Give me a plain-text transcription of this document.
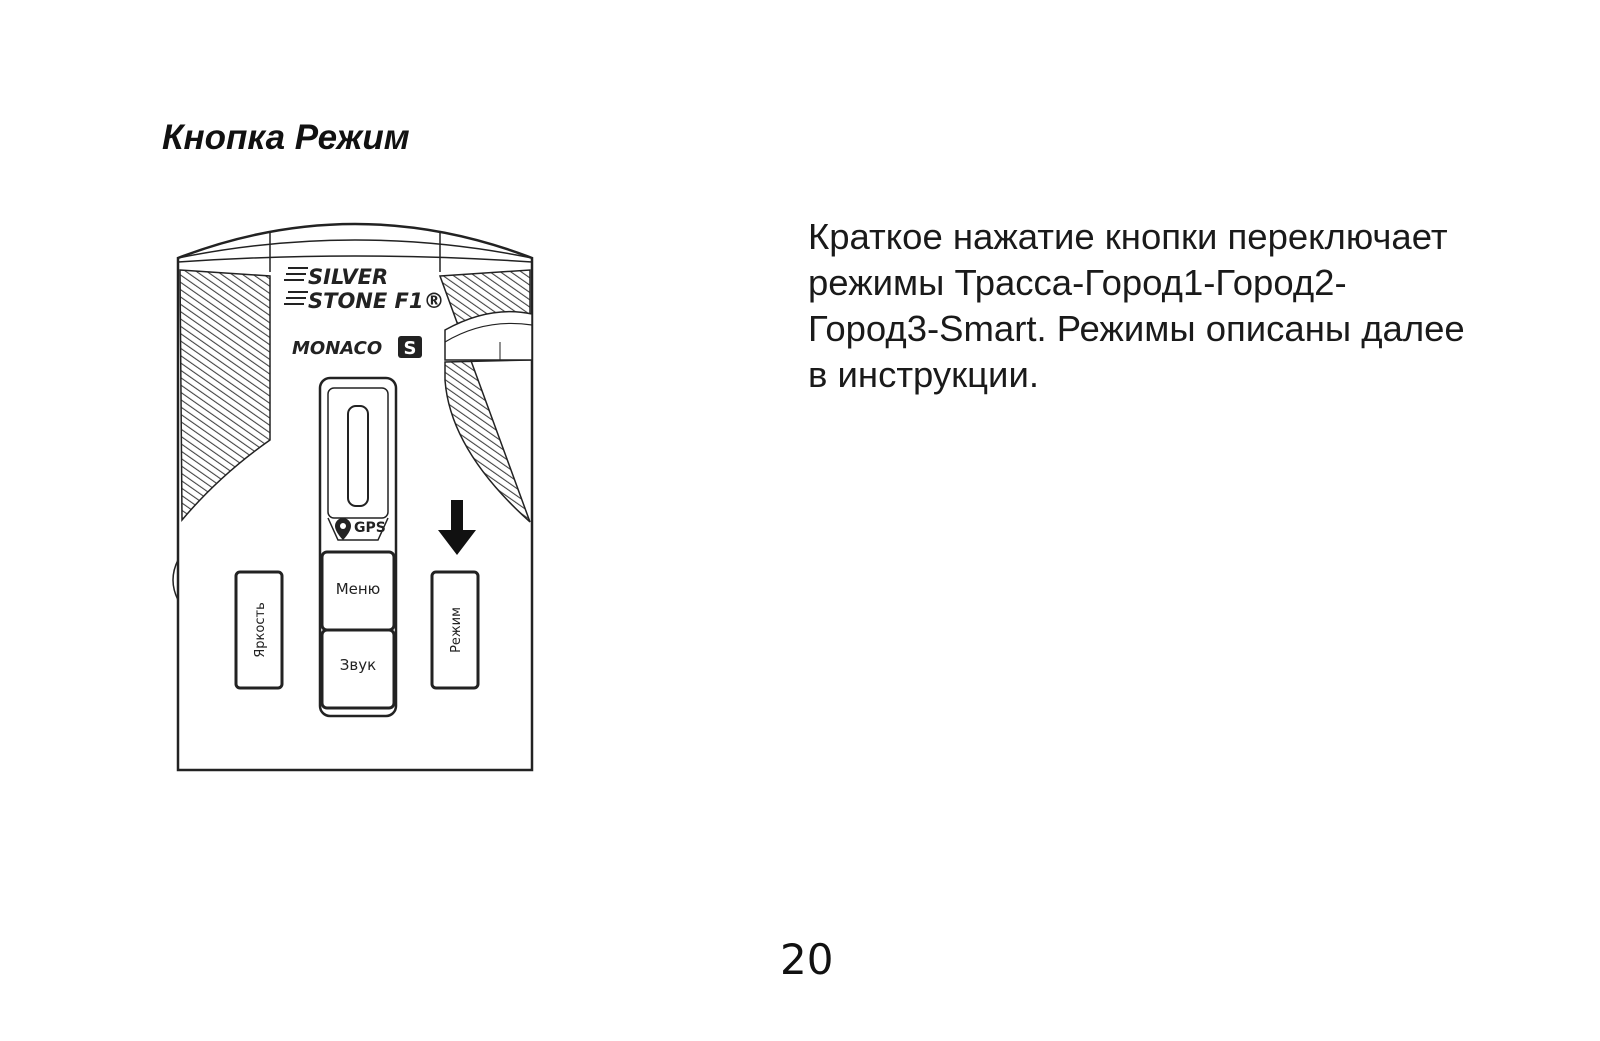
Кнопка Режим
Краткое нажатие кнопки переключает
режимы Трасса-Город1-Город2-
Город3-Smart. Режимы описаны далее
в инструкции.
SILVER
STONE F1®
MONACO S
GPS
Меню
Звук
Яркость	Режим
20
